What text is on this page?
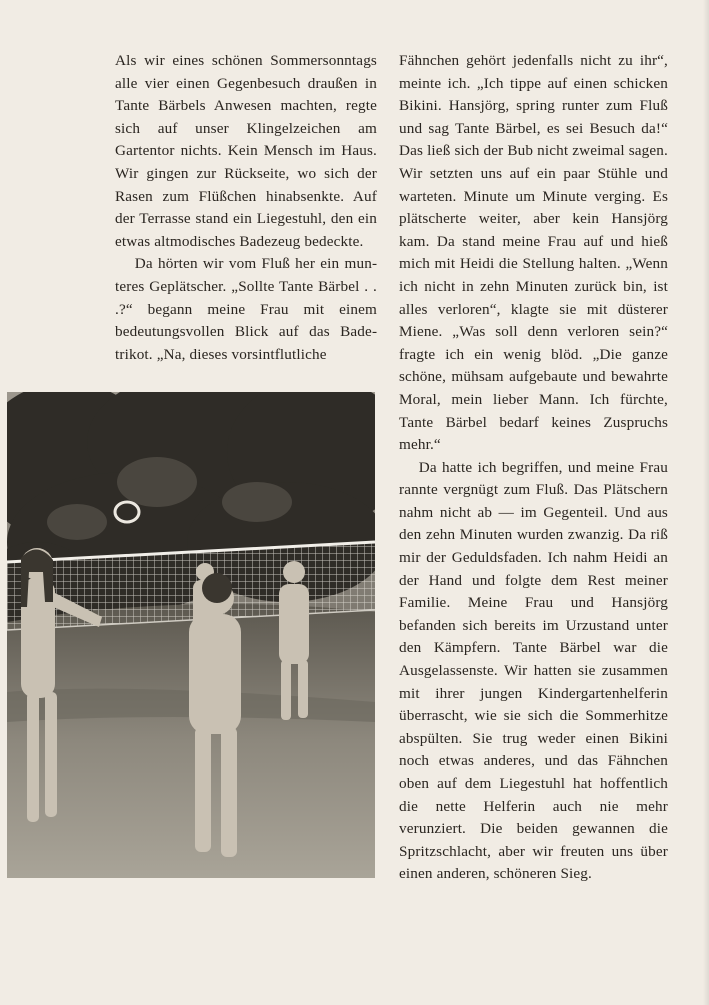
Als wir eines schönen Sommersonntags alle vier einen Gegenbesuch draußen in Tante Bärbels Anwesen machten, regte sich auf unser Klingelzeichen am Gartentor nichts. Kein Mensch im Haus. Wir gingen zur Rückseite, wo sich der Rasen zum Flüßchen hinabsenkte. Auf der Terrasse stand ein Liegestuhl, den ein etwas altmodisches Badezeug bedeckte.

Da hörten wir vom Fluß her ein munteres Geplätscher. „Sollte Tante Bärbel . . .?“ begann meine Frau mit einem bedeutungsvollen Blick auf das Badetrikot. „Na, dieses vorsintflutliche

Fähnchen gehört jedenfalls nicht zu ihr“, meinte ich. „Ich tippe auf einen schicken Bikini. Hansjörg, spring runter zum Fluß und sag Tante Bärbel, es sei Besuch da!“ Das ließ sich der Bub nicht zweimal sagen. Wir setzten uns auf ein paar Stühle und warteten. Minute um Minute verging. Es plätscherte weiter, aber kein Hansjörg kam. Da stand meine Frau auf und hieß mich mit Heidi die Stellung halten. „Wenn ich nicht in zehn Minuten zurück bin, ist alles verloren“, klagte sie mit düsterer Miene. „Was soll denn verloren sein?“ fragte ich ein wenig blöd. „Die ganze schöne, mühsam aufgebaute und bewahrte Moral, mein lieber Mann. Ich fürchte, Tante Bärbel bedarf keines Zuspruchs mehr.“

Da hatte ich begriffen, und meine Frau rannte vergnügt zum Fluß. Das Plätschern nahm nicht ab — im Gegenteil. Und aus den zehn Minuten wurden zwanzig. Da riß mir der Geduldsfaden. Ich nahm Heidi an der Hand und folgte dem Rest meiner Familie. Meine Frau und Hansjörg befanden sich bereits im Urzustand unter den Kämpfern. Tante Bärbel war die Ausgelassenste. Wir hatten sie zusammen mit ihrer jungen Kindergartenhelferin überrascht, wie sie sich die Sommerhitze abspülten. Sie trug weder einen Bikini noch etwas anderes, und das Fähnchen oben auf dem Liegestuhl hat hoffentlich die nette Helferin auch nie mehr verunziert. Die beiden gewannen die Spritzschlacht, aber wir freuten uns über einen anderen, schöneren Sieg.
